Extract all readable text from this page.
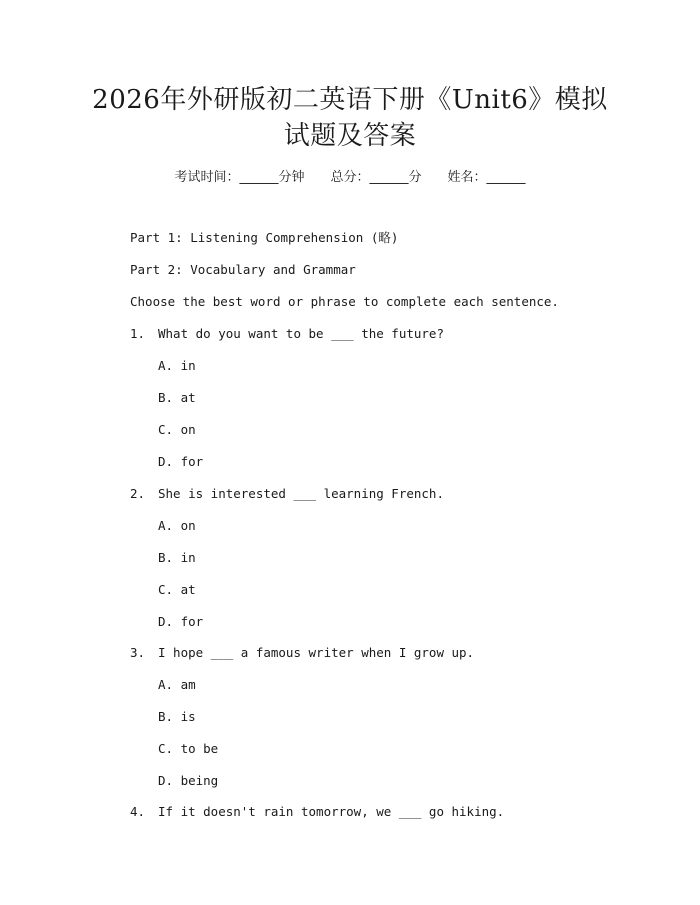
2026年外研版初二英语下册《Unit6》模拟
试题及答案
考试时间：______分钟 总分：______分 姓名：______
Part 1: Listening Comprehension (略)
Part 2: Vocabulary and Grammar
Choose the best word or phrase to complete each sentence.
1. What do you want to be ___ the future?
A. in
B. at
C. on
D. for
2. She is interested ___ learning French.
A. on
B. in
C. at
D. for
3. I hope ___ a famous writer when I grow up.
A. am
B. is
C. to be
D. being
4. If it doesn't rain tomorrow, we ___ go hiking.
